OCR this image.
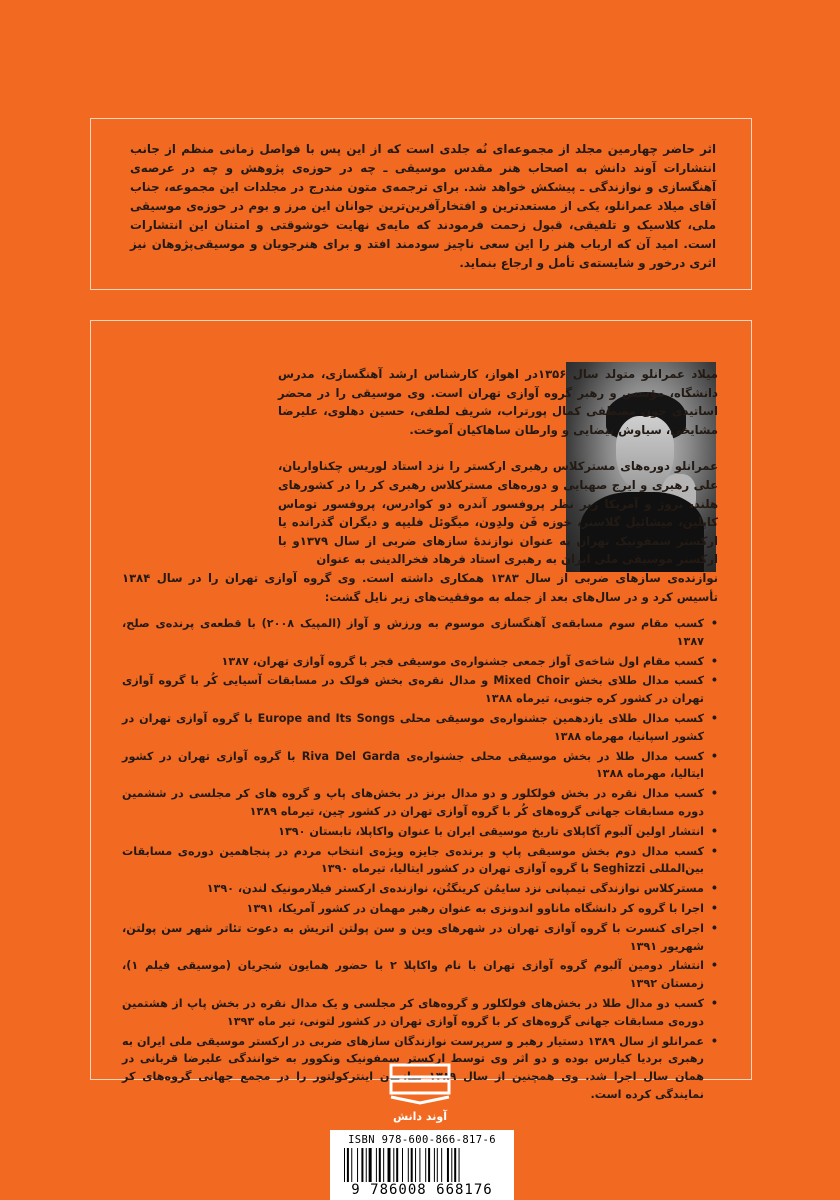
اثر حاضر چهارمین مجلد از مجموعه‌ای نُه جلدی است که از این پس با فواصل زمانی منظم از جانب انتشارات آوند دانش به اصحاب هنر مقدس موسیقی ـ چه در حوزه‌ی پژوهش و چه در عرصه‌ی آهنگسازی و نوازندگی ـ پیشکش خواهد شد. برای ترجمه‌ی متون مندرج در مجلدات این مجموعه، جناب آقای میلاد عمرانلو، یکی از مستعدترین و افتخارآفرین‌ترین جوانان این مرز و بوم در حوزه‌ی موسیقی ملی، کلاسیک و تلفیقی، قبول زحمت فرمودند که مایه‌ی نهایت خوشوقتی و امتنان این انتشارات است. امید آن که ارباب هنر را این سعی ناچیز سودمند افتد و برای هنرجویان و موسیقی‌پژوهان نیز اثری درخور و شایسته‌ی تأمل و ارجاع بنماید.

میلاد عمرانلو متولد سال ۱۳۵۶در اهواز، کارشناس ارشد آهنگسازی، مدرس دانشگاه، مؤسس و رهبر گروه آوازی تهران است. وی موسیقی را در محضر اساتیدی چون مصطفی کمال پورتراب، شریف لطفی، حسین دهلوی، علیرضا مشایخی، سیاوش بیضایی و وارطان ساهاکیان آموخت.

عمرانلو دوره‌های مسترکلاس رهبری ارکستر را نزد استاد لوریس چکناواریان، علی رهبری و ایرج صهبایی و دوره‌های مسترکلاس رهبری کر را در کشورهای هلند، نروژ و آمریکا زیر نظر پروفسور آندره دو کوادرس، پروفسور توماس کاپلین، میشائیل گلاسنر، خوزه فَن ولدِون، میگوئل فلیپه و دیگران گذرانده یا ارکستر سمفونیک تهران به عنوان نوازندهٔ سازهای ضربی از سال ۱۳۷۹و با ارکستر موسیقی ملی ایران به رهبری استاد فرهاد فخرالدینی به عنوان

نوازنده‌ی سازهای ضربی از سال ۱۳۸۳ همکاری داشته است. وی گروه آوازی تهران را در سال ۱۳۸۴ تأسیس کرد و در سال‌های بعد از جمله به موفقیت‌های زیر نایل گشت:

• کسب مقام سوم مسابقه‌ی آهنگسازی موسوم به ورزش و آواز (المپیک ۲۰۰۸) با قطعه‌ی پرنده‌ی صلح، ۱۳۸۷
• کسب مقام اول شاخه‌ی آواز جمعی جشنواره‌ی موسیقی فجر با گروه آوازی تهران، ۱۳۸۷
• کسب مدال طلای بخش Mixed Choir و مدال نقره‌ی بخش فولک در مسابقات آسیایی کُر با گروه آوازی تهران در کشور کره جنوبی، تیرماه ۱۳۸۸
• کسب مدال طلای یازدهمین جشنواره‌ی موسیقی محلی Europe and Its Songs با گروه آوازی تهران در کشور اسپانیا، مهرماه ۱۳۸۸
• کسب مدال طلا در بخش موسیقی محلی جشنواره‌ی Riva Del Garda با گروه آوازی تهران در کشور ایتالیا، مهرماه ۱۳۸۸
• کسب مدال نقره در بخش فولکلور و دو مدال برنز در بخش‌های پاپ و گروه های کر مجلسی در ششمین دوره مسابقات جهانی گروه‌های کُر با گروه آوازی تهران در کشور چین، تیرماه ۱۳۸۹
• انتشار اولین آلبوم آکاپلای تاریخ موسیقی ایران با عنوان واکاپلا، تابستان ۱۳۹۰
• کسب مدال دوم بخش موسیقی پاپ و برنده‌ی جایزه ویژه‌ی انتخاب مردم در پنجاهمین دوره‌ی مسابقات بین‌المللی Seghizzi با گروه آوازی تهران در کشور ایتالیا، تیرماه ۱۳۹۰
• مسترکلاس نوازندگی تیمپانی نزد سایمُن کرینگتُن، نوازنده‌ی ارکستر فیلارمونیک لندن، ۱۳۹۰
• اجرا با گروه کر دانشگاه ماناوو اندونزی به عنوان رهبر مهمان در کشور آمریکا، ۱۳۹۱
• اجرای کنسرت با گروه آوازی تهران در شهرهای وین و سن پولتن اتریش به دعوت تئاتر شهر سن پولتن، شهریور ۱۳۹۱
• انتشار دومین آلبوم گروه آوازی تهران با نام واکاپلا ۲ با حضور همایون شجریان (موسیقی فیلم ۱)، زمستان ۱۳۹۲
• کسب دو مدال طلا در بخش‌های فولکلور و گروه‌های کر مجلسی و یک مدال نقره در بخش پاپ از هشتمین دوره‌ی مسابقات جهانی گروه‌های کر با گروه آوازی تهران در کشور لتونی، تیر ماه ۱۳۹۳
• عمرانلو از سال ۱۳۸۹ دستیار رهبر و سرپرست نوازندگان سازهای ضربی در ارکستر موسیقی ملی ایران به رهبری بردیا کیارس بوده و دو اثر وی توسط ارکستر سمفونیک ونکوور به خوانندگی علیرضا قربانی در همان سال اجرا شد. وی همچنین از سال ۱۳۸۹ سازمان اینترکولتور را در مجمع جهانی گروه‌های کر نمایندگی کرده است.
آوند دانش
ISBN 978-600-866-817-6
9 786008 668176
